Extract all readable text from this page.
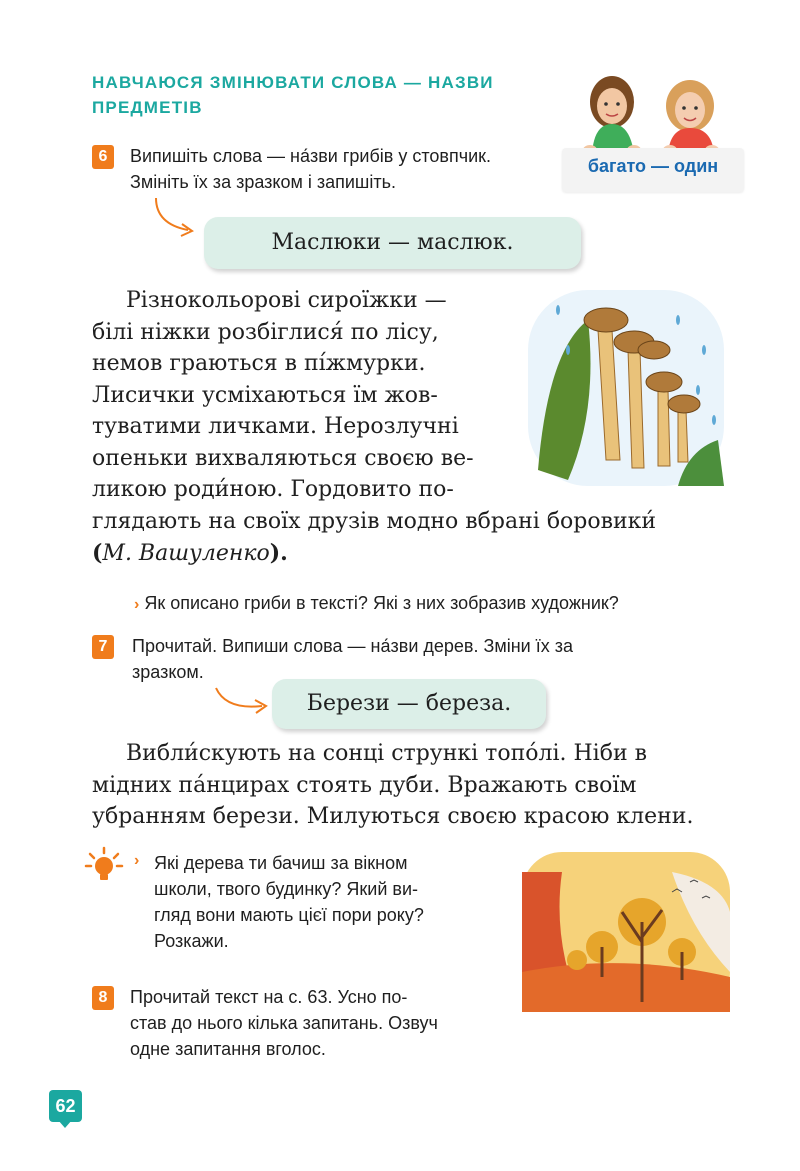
НАВЧАЮСЯ ЗМІНЮВАТИ СЛОВА — НАЗВИ ПРЕДМЕТІВ
багато — один
6	Випишіть слова — на́зви грибів у стовпчик.
Змініть їх за зразком і запишіть.
Маслюки — маслюк.
Різнокольорові сироїжки —
білі ніжки розбіглися́ по лісу,
немов граються в пі́жмурки.
Лисички усміхаються їм жов-
туватими личками. Нерозлучні
опеньки вихваляються своєю ве-
ликою роди́ною. Гордовито по-
глядають на своїх друзів модно вбрані боровики́
(М. Вашуленко).
› Як описано гриби в тексті? Які з них зобразив художник?
7	Прочитай. Випиши слова — на́зви дерев. Зміни їх за
зразком.
Берези — береза.
Вибли́скують на сонці стрункі топо́лі. Ніби в
мідних па́нцирах стоять дуби. Вражають своїм
убранням берези. Милуються своєю красою клени.
› Які дерева ти бачиш за вікном
школи, твого будинку? Який ви-
гляд вони мають цієї пори року?
Розкажи.
8	Прочитай текст на с. 63. Усно по-
став до нього кілька запитань. Озвуч
одне запитання вголос.
62
